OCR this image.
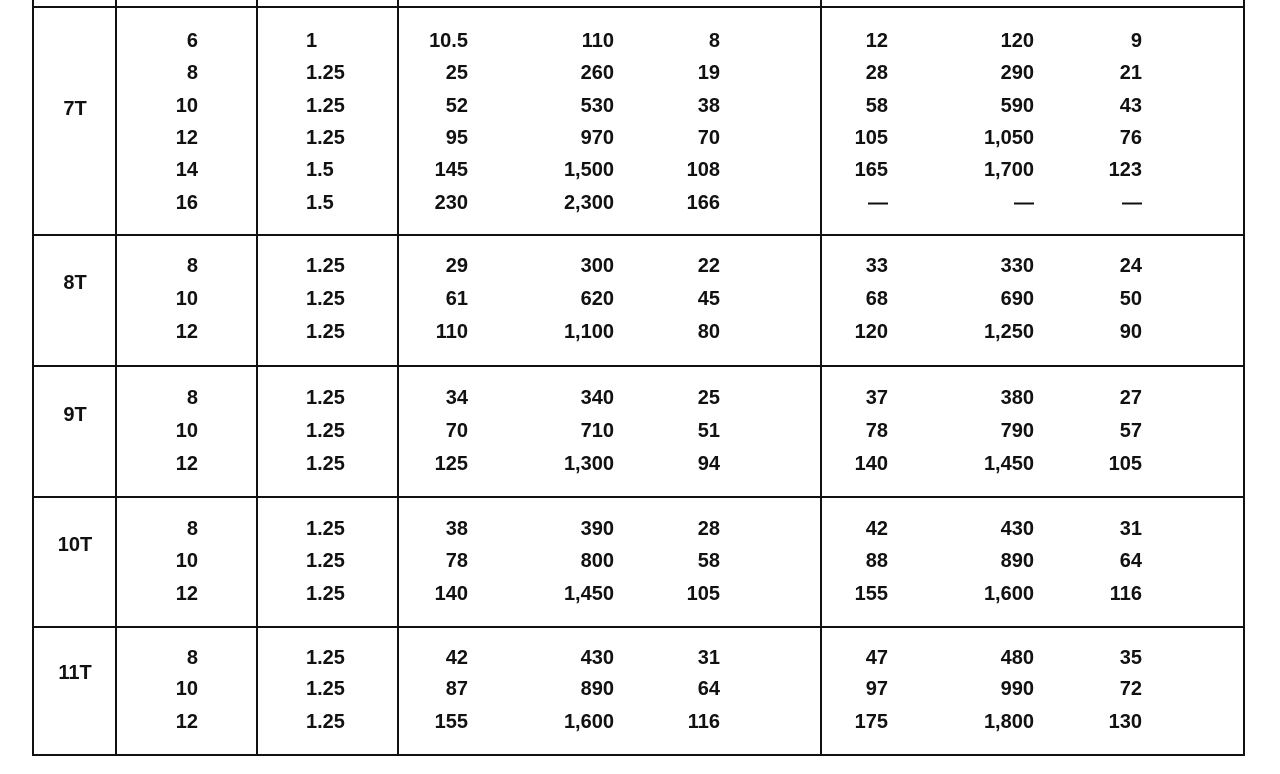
7T
6	1	10.5	110	8	12	120	9
8	1.25	25	260	19	28	290	21
10	1.25	52	530	38	58	590	43
12	1.25	95	970	70	105	1,050	76
14	1.5	145	1,500	108	165	1,700	123
16	1.5	230	2,300	166	—	—	—
8T
8	1.25	29	300	22	33	330	24
10	1.25	61	620	45	68	690	50
12	1.25	110	1,100	80	120	1,250	90
9T
8	1.25	34	340	25	37	380	27
10	1.25	70	710	51	78	790	57
12	1.25	125	1,300	94	140	1,450	105
10T
8	1.25	38	390	28	42	430	31
10	1.25	78	800	58	88	890	64
12	1.25	140	1,450	105	155	1,600	116
11T
8	1.25	42	430	31	47	480	35
10	1.25	87	890	64	97	990	72
12	1.25	155	1,600	116	175	1,800	130
